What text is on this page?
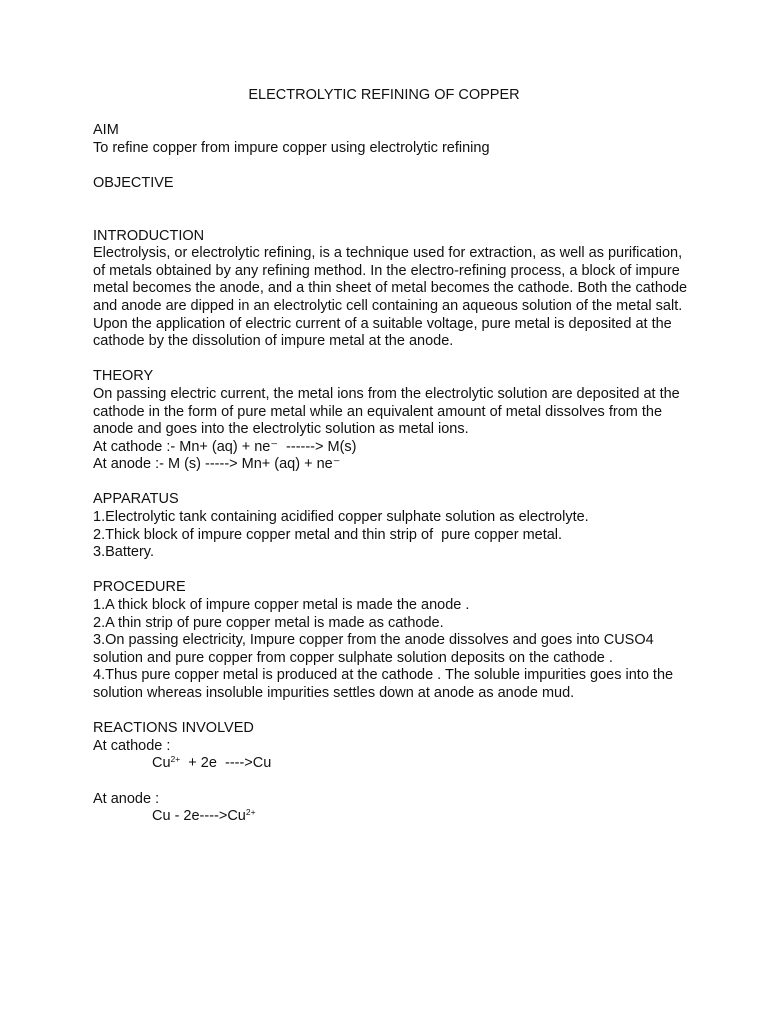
ELECTROLYTIC REFINING OF COPPER
AIM
To refine copper from impure copper using electrolytic refining
OBJECTIVE
INTRODUCTION
Electrolysis, or electrolytic refining, is a technique used for extraction, as well as purification,
of metals obtained by any refining method. In the electro-refining process, a block of impure
metal becomes the anode, and a thin sheet of metal becomes the cathode. Both the cathode
and anode are dipped in an electrolytic cell containing an aqueous solution of the metal salt.
Upon the application of electric current of a suitable voltage, pure metal is deposited at the
cathode by the dissolution of impure metal at the anode.
THEORY
On passing electric current, the metal ions from the electrolytic solution are deposited at the
cathode in the form of pure metal while an equivalent amount of metal dissolves from the
anode and goes into the electrolytic solution as metal ions.
At cathode :- Mn+ (aq) + ne⁻  ------> M(s)
At anode :- M (s) -----> Mn+ (aq) + ne⁻
APPARATUS
1.Electrolytic tank containing acidified copper sulphate solution as electrolyte.
2.Thick block of impure copper metal and thin strip of  pure copper metal.
3.Battery.
PROCEDURE
1.A thick block of impure copper metal is made the anode .
2.A thin strip of pure copper metal is made as cathode.
3.On passing electricity, Impure copper from the anode dissolves and goes into CUSO4
solution and pure copper from copper sulphate solution deposits on the cathode .
4.Thus pure copper metal is produced at the cathode . The soluble impurities goes into the
solution whereas insoluble impurities settles down at anode as anode mud.
REACTIONS INVOLVED
At cathode :
$Cu^{2+} + 2e$  ---->Cu
At anode :
$Cu - 2e---->Cu^{2+}$
